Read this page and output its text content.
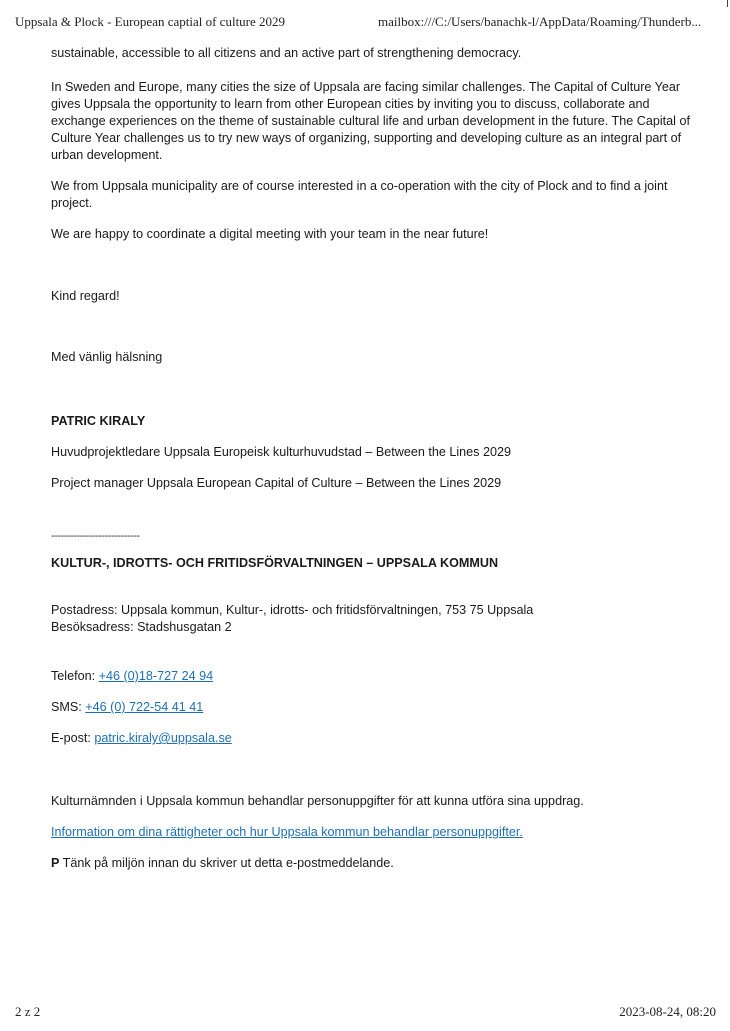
Uppsala & Plock - European captial of culture 2029	mailbox:///C:/Users/banachk-l/AppData/Roaming/Thunderb...

sustainable, accessible to all citizens and an active part of strengthening democracy.

In Sweden and Europe, many cities the size of Uppsala are facing similar challenges. The Capital of Culture Year gives Uppsala the opportunity to learn from other European cities by inviting you to discuss, collaborate and exchange experiences on the theme of sustainable cultural life and urban development in the future. The Capital of Culture Year challenges us to try new ways of organizing, supporting and developing culture as an integral part of urban development.

We from Uppsala municipality are of course interested in a co-operation with the city of Plock and to find a joint project.

We are happy to coordinate a digital meeting with your team in the near future!

Kind regard!

Med vänlig hälsning

PATRIC KIRALY

Huvudprojektledare Uppsala Europeisk kulturhuvudstad – Between the Lines 2029

Project manager Uppsala European Capital of Culture – Between the Lines 2029

----------------------------

KULTUR-, IDROTTS- OCH FRITIDSFÖRVALTNINGEN – UPPSALA KOMMUN

Postadress: Uppsala kommun, Kultur-, idrotts- och fritidsförvaltningen, 753 75 Uppsala

Besöksadress: Stadshusgatan 2

Telefon: +46 (0)18-727 24 94

SMS: +46 (0) 722-54 41 41

E-post: patric.kiraly@uppsala.se

Kulturnämnden i Uppsala kommun behandlar personuppgifter för att kunna utföra sina uppdrag.

Information om dina rättigheter och hur Uppsala kommun behandlar personuppgifter.

P Tänk på miljön innan du skriver ut detta e-postmeddelande.

2 z 2	2023-08-24, 08:20
